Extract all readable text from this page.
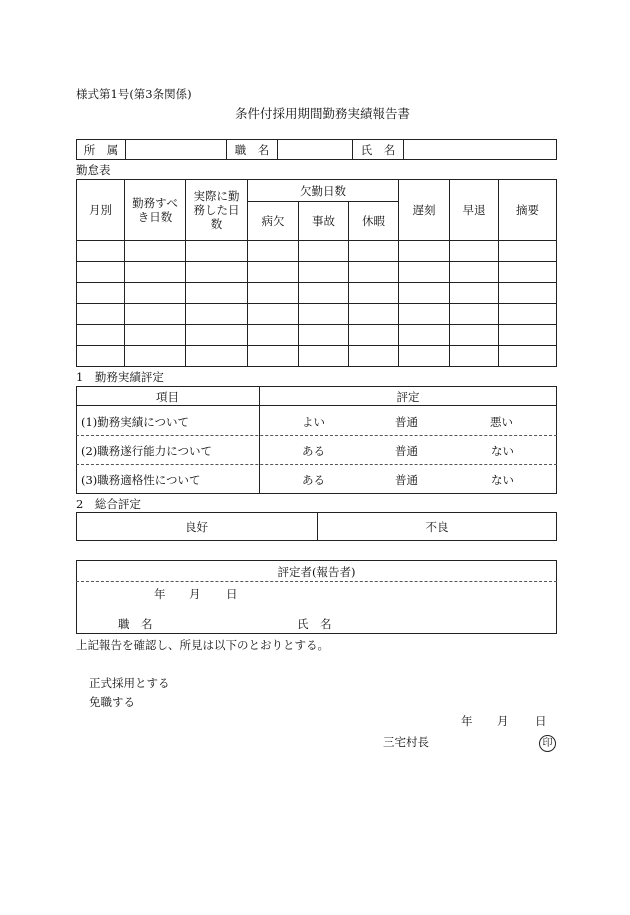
様式第1号(第3条関係)
条件付採用期間勤務実績報告書
所　属		職　名		氏　名	
勤怠表
月別	勤務すべき日数	実際に勤務した日数	欠勤日数			遅刻	早退	摘要
			病欠	事故	休暇			

1　勤務実績評定
項目	評定
(1)勤務実績について	よい	普通	悪い
(2)職務遂行能力について	ある	普通	ない
(3)職務適格性について	ある	普通	ない
2　総合評定
良好	不良
評定者(報告者)
年 月 日
職　名	氏　名
上記報告を確認し、所見は以下のとおりとする。
正式採用とする
免職する
年 月 日
三宅村長	印
